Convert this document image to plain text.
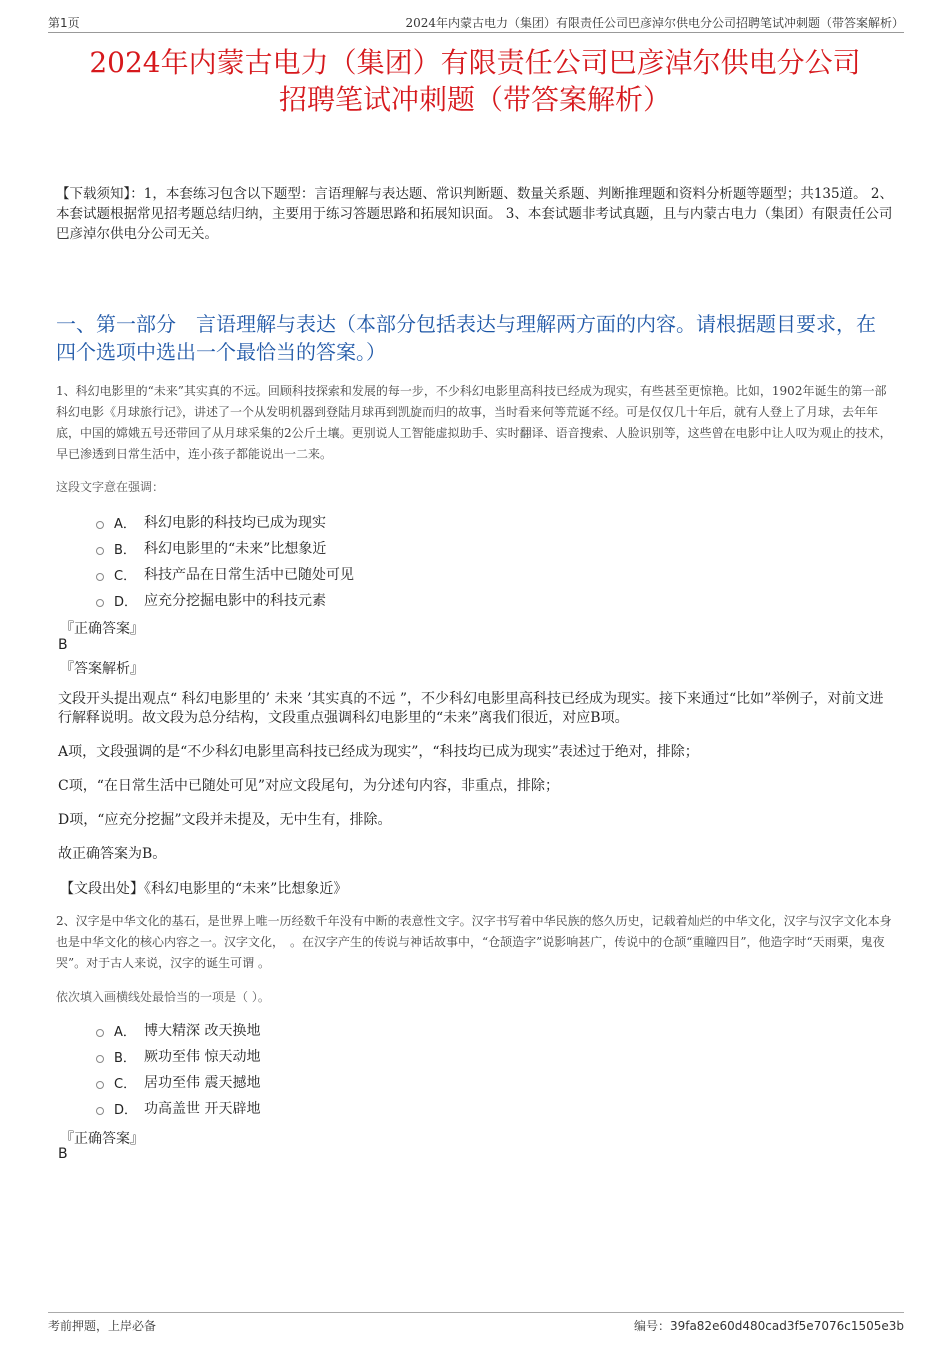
第1页	2024年内蒙古电力（集团）有限责任公司巴彦淖尔供电分公司招聘笔试冲刺题（带答案解析）
2024年内蒙古电力（集团）有限责任公司巴彦淖尔供电分公司
招聘笔试冲刺题（带答案解析）
【下载须知】：1，本套练习包含以下题型：言语理解与表达题、常识判断题、数量关系题、判断推理题和资料分析题等题型；共135道。 2、本套试题根据常见招考题总结归纳，主要用于练习答题思路和拓展知识面。 3、本套试题非考试真题，且与内蒙古电力（集团）有限责任公司巴彦淖尔供电分公司无关。
一、第一部分　言语理解与表达（本部分包括表达与理解两方面的内容。请根据题目要求，在四个选项中选出一个最恰当的答案。）
1、科幻电影里的“未来”其实真的不远。回顾科技探索和发展的每一步，不少科幻电影里高科技已经成为现实，有些甚至更惊艳。比如，1902年诞生的第一部科幻电影《月球旅行记》，讲述了一个从发明机器到登陆月球再到凯旋而归的故事，当时看来何等荒诞不经。可是仅仅几十年后，就有人登上了月球，去年年底，中国的嫦娥五号还带回了从月球采集的2公斤土壤。更别说人工智能虚拟助手、实时翻译、语音搜索、人脸识别等，这些曾在电影中让人叹为观止的技术，早已渗透到日常生活中，连小孩子都能说出一二来。
这段文字意在强调：
A． 科幻电影的科技均已成为现实
B． 科幻电影里的“未来”比想象近
C． 科技产品在日常生活中已随处可见
D． 应充分挖掘电影中的科技元素
『正确答案』
B
『答案解析』
文段开头提出观点“ 科幻电影里的’ 未来 ’其实真的不远 ”，不少科幻电影里高科技已经成为现实。接下来通过“比如”举例子，对前文进行解释说明。故文段为总分结构，文段重点强调科幻电影里的“未来”离我们很近，对应B项。
A项，文段强调的是“不少科幻电影里高科技已经成为现实”，“科技均已成为现实”表述过于绝对，排除；
C项，“在日常生活中已随处可见”对应文段尾句，为分述句内容，非重点，排除；
D项，“应充分挖掘”文段并未提及，无中生有，排除。
故正确答案为B。
【文段出处】《科幻电影里的“未来”比想象近》
2、汉字是中华文化的基石，是世界上唯一历经数千年没有中断的表意性文字。汉字书写着中华民族的悠久历史，记载着灿烂的中华文化，汉字与汉字文化本身也是中华文化的核心内容之一。汉字文化，　。在汉字产生的传说与神话故事中，“仓颉造字”说影响甚广，传说中的仓颉“重瞳四目”，他造字时“天雨栗，鬼夜哭”。对于古人来说，汉字的诞生可谓 。
依次填入画横线处最恰当的一项是（ ）。
A． 博大精深 改天换地
B． 厥功至伟 惊天动地
C． 居功至伟 震天撼地
D． 功高盖世 开天辟地
『正确答案』
B
考前押题，上岸必备	编号：39fa82e60d480cad3f5e7076c1505e3b
